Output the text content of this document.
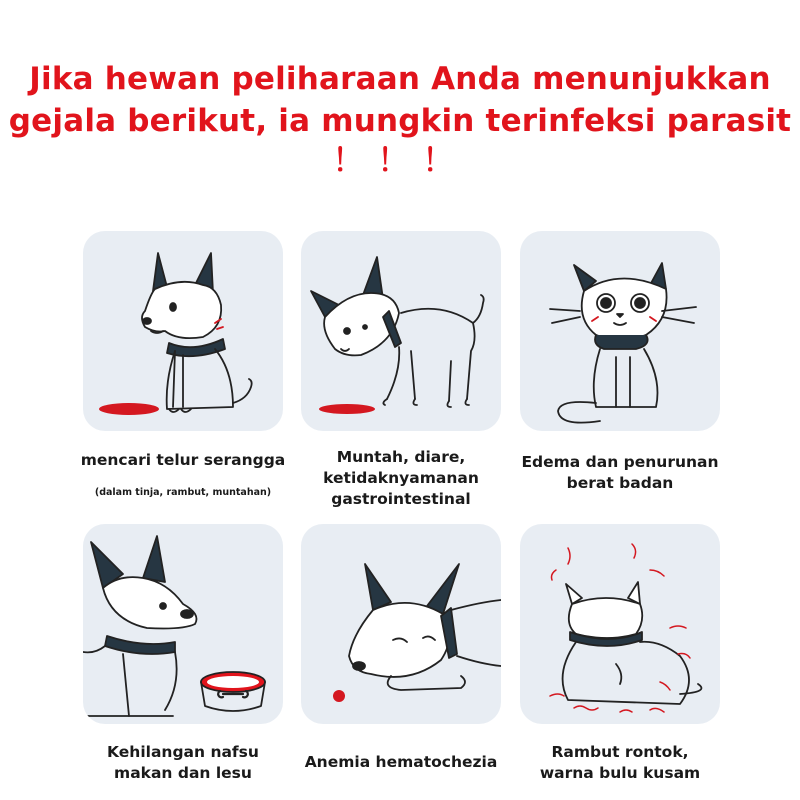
Jika hewan peliharaan Anda menunjukkan
gejala berikut, ia mungkin terinfeksi parasit
！！！
mencari telur serangga
(dalam tinja, rambut, muntahan)
Muntah, diare,
ketidaknyamanan
gastrointestinal
Edema dan penurunan
berat badan
Kehilangan nafsu
makan dan lesu
Anemia hematochezia
Rambut rontok,
warna bulu kusam
